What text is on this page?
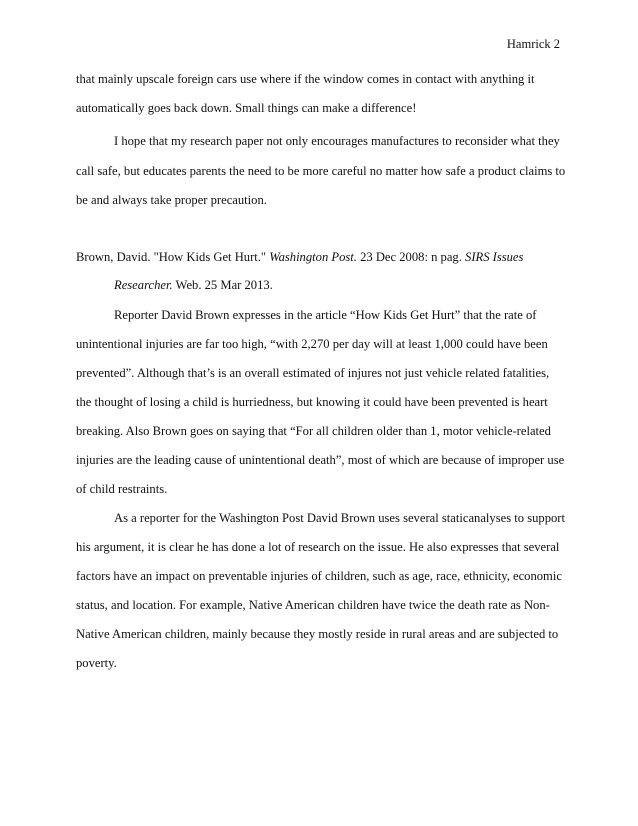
Hamrick 2
that mainly upscale foreign cars use where if the window comes in contact with anything it
automatically goes back down. Small things can make a difference!
I hope that my research paper not only encourages manufactures to reconsider what they
call safe, but educates parents the need to be more careful no matter how safe a product claims to
be and always take proper precaution.
Brown, David. "How Kids Get Hurt." Washington Post. 23 Dec 2008: n pag. SIRS Issues
Researcher. Web. 25 Mar 2013.
Reporter David Brown expresses in the article “How Kids Get Hurt” that the rate of
unintentional injuries are far too high, “with 2,270 per day will at least 1,000 could have been
prevented”. Although that’s is an overall estimated of injures not just vehicle related fatalities,
the thought of losing a child is hurriedness, but knowing it could have been prevented is heart
breaking. Also Brown goes on saying that “For all children older than 1, motor vehicle-related
injuries are the leading cause of unintentional death”, most of which are because of improper use
of child restraints.
As a reporter for the Washington Post David Brown uses several staticanalyses to support
his argument, it is clear he has done a lot of research on the issue. He also expresses that several
factors have an impact on preventable injuries of children, such as age, race, ethnicity, economic
status, and location. For example, Native American children have twice the death rate as Non-
Native American children, mainly because they mostly reside in rural areas and are subjected to
poverty.
